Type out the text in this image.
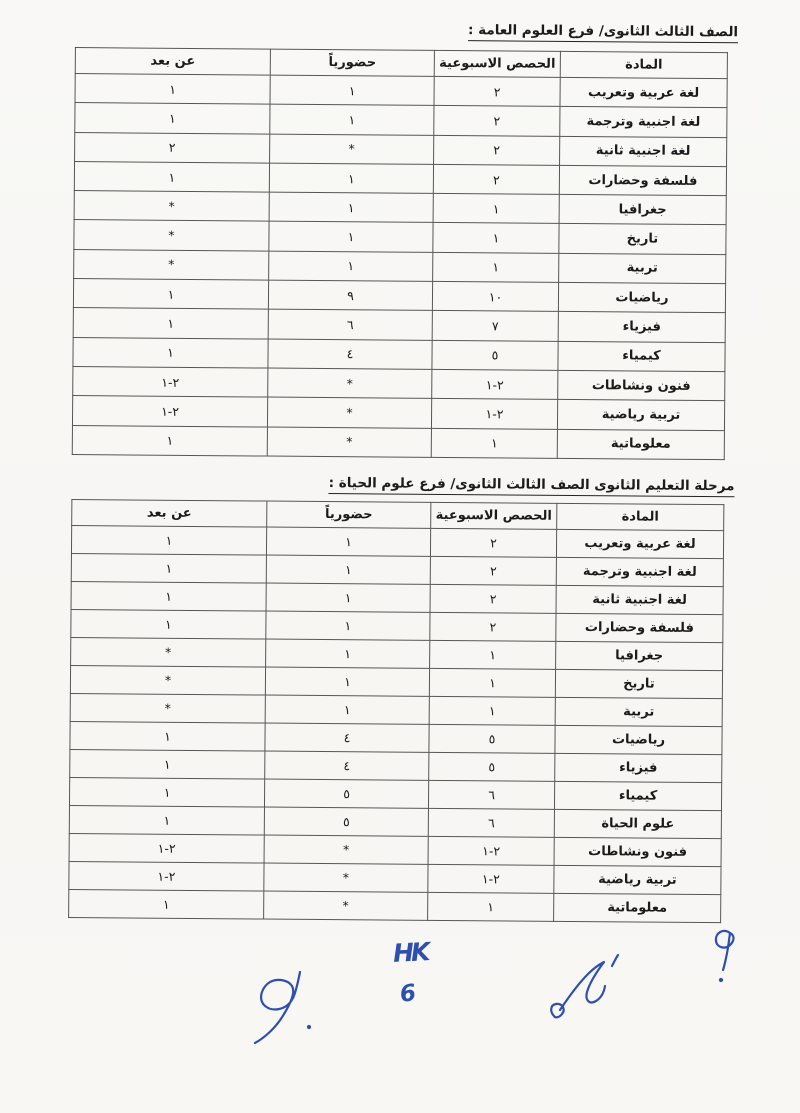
الصف الثالث الثانوى/ فرع العلوم العامة :
المادة	الحصص الاسبوعية	حضورياً	عن بعد
لغة عربية وتعريب	٢	١	١
لغة اجنبية وترجمة	٢	١	١
لغة اجنبية ثانية	٢	*	٢
فلسفة وحضارات	٢	١	١
جغرافيا	١	١	*
تاريخ	١	١	*
تربية	١	١	*
رياضيات	١٠	٩	١
فيزياء	٧	٦	١
كيمياء	٥	٤	١
فنون ونشاطات	٢-١	*	٢-١
تربية رياضية	٢-١	*	٢-١
معلوماتية	١	*	١
مرحلة التعليم الثانوى الصف الثالث الثانوى/ فرع علوم الحياة :
المادة	الحصص الاسبوعية	حضورياً	عن بعد
لغة عربية وتعريب	٢	١	١
لغة اجنبية وترجمة	٢	١	١
لغة اجنبية ثانية	٢	١	١
فلسفة وحضارات	٢	١	١
جغرافيا	١	١	*
تاريخ	١	١	*
تربية	١	١	*
رياضيات	٥	٤	١
فيزياء	٥	٤	١
كيمياء	٦	٥	١
علوم الحياة	٦	٥	١
فنون ونشاطات	٢-١	*	٢-١
تربية رياضية	٢-١	*	٢-١
معلوماتية	١	*	١
HK
6
